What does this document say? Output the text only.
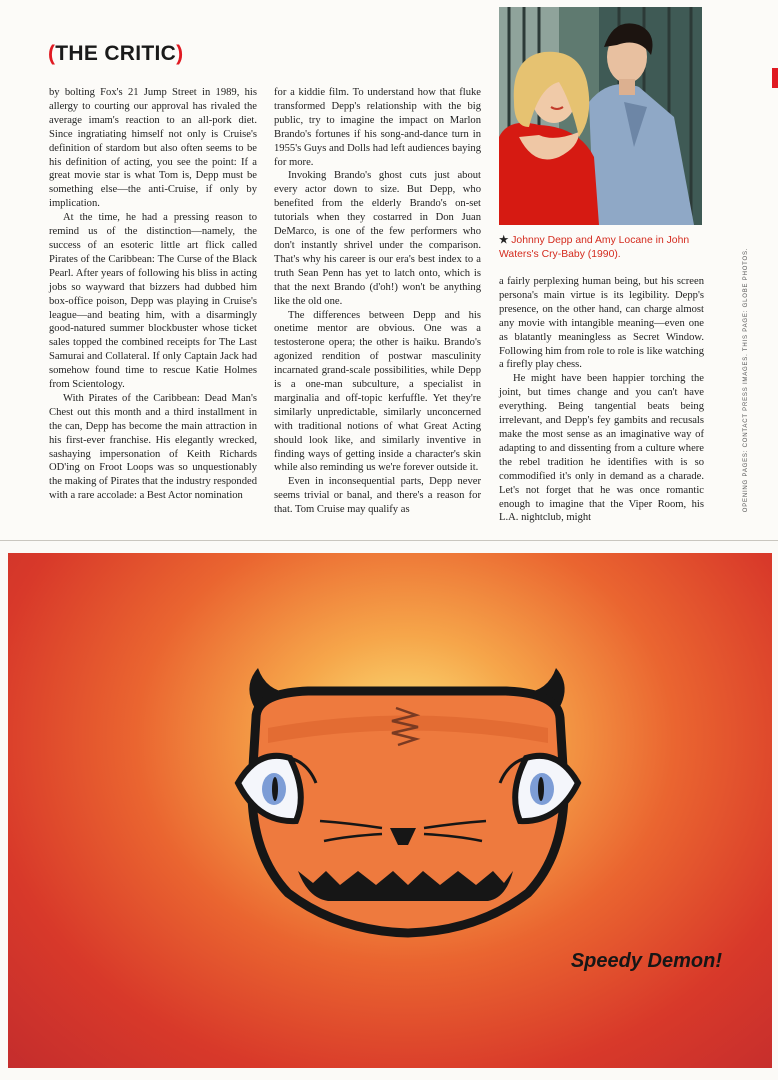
(THE CRITIC)

by bolting Fox's 21 Jump Street in 1989, his allergy to courting our approval has rivaled the average imam's reaction to an all-pork diet. Since ingratiating himself not only is Cruise's definition of stardom but also often seems to be his definition of acting, you see the point: If a great movie star is what Tom is, Depp must be something else—the anti-Cruise, if only by implication.

At the time, he had a pressing reason to remind us of the distinction—namely, the success of an esoteric little art flick called Pirates of the Caribbean: The Curse of the Black Pearl. After years of following his bliss in acting jobs so wayward that bizzers had dubbed him box-office poison, Depp was playing in Cruise's league—and beating him, with a disarmingly good-natured summer blockbuster whose ticket sales topped the combined receipts for The Last Samurai and Collateral. If only Captain Jack had somehow found time to rescue Katie Holmes from Scientology.

With Pirates of the Caribbean: Dead Man's Chest out this month and a third installment in the can, Depp has become the main attraction in his first-ever franchise. His elegantly wrecked, sashaying impersonation of Keith Richards OD'ing on Froot Loops was so unquestionably the making of Pirates that the industry responded with a rare accolade: a Best Actor nomination

for a kiddie film. To understand how that fluke transformed Depp's relationship with the big public, try to imagine the impact on Marlon Brando's fortunes if his song-and-dance turn in 1955's Guys and Dolls had left audiences baying for more.

Invoking Brando's ghost cuts just about every actor down to size. But Depp, who benefited from the elderly Brando's on-set tutorials when they costarred in Don Juan DeMarco, is one of the few performers who don't instantly shrivel under the comparison. That's why his career is our era's best index to a truth Sean Penn has yet to latch onto, which is that the next Brando (d'oh!) won't be anything like the old one.

The differences between Depp and his onetime mentor are obvious. One was a testosterone opera; the other is haiku. Brando's agonized rendition of postwar masculinity incarnated grand-scale possibilities, while Depp is a one-man subculture, a specialist in marginalia and off-topic kerfuffle. Yet they're similarly unpredictable, similarly unconcerned with traditional notions of what Great Acting should look like, and similarly inventive in finding ways of getting inside a character's skin while also reminding us we're forever outside it.

Even in inconsequential parts, Depp never seems trivial or banal, and there's a reason for that. Tom Cruise may qualify as

★ Johnny Depp and Amy Locane in John Waters's Cry-Baby (1990).	OPENING PAGES: CONTACT PRESS IMAGES. THIS PAGE: GLOBE PHOTOS.

a fairly perplexing human being, but his screen persona's main virtue is its legibility. Depp's presence, on the other hand, can charge almost any movie with intangible meaning—even one as blatantly meaningless as Secret Window. Following him from role to role is like watching a firefly play chess.

He might have been happier torching the joint, but times change and you can't have everything. Being tangential beats being irrelevant, and Depp's fey gambits and recusals make the most sense as an imaginative way of adapting to and dissenting from a culture where the rebel tradition he identifies with is so commodified it's only in demand as a charade. Let's not forget that he was once romantic enough to imagine that the Viper Room, his L.A. nightclub, might

Speedy Demon!
